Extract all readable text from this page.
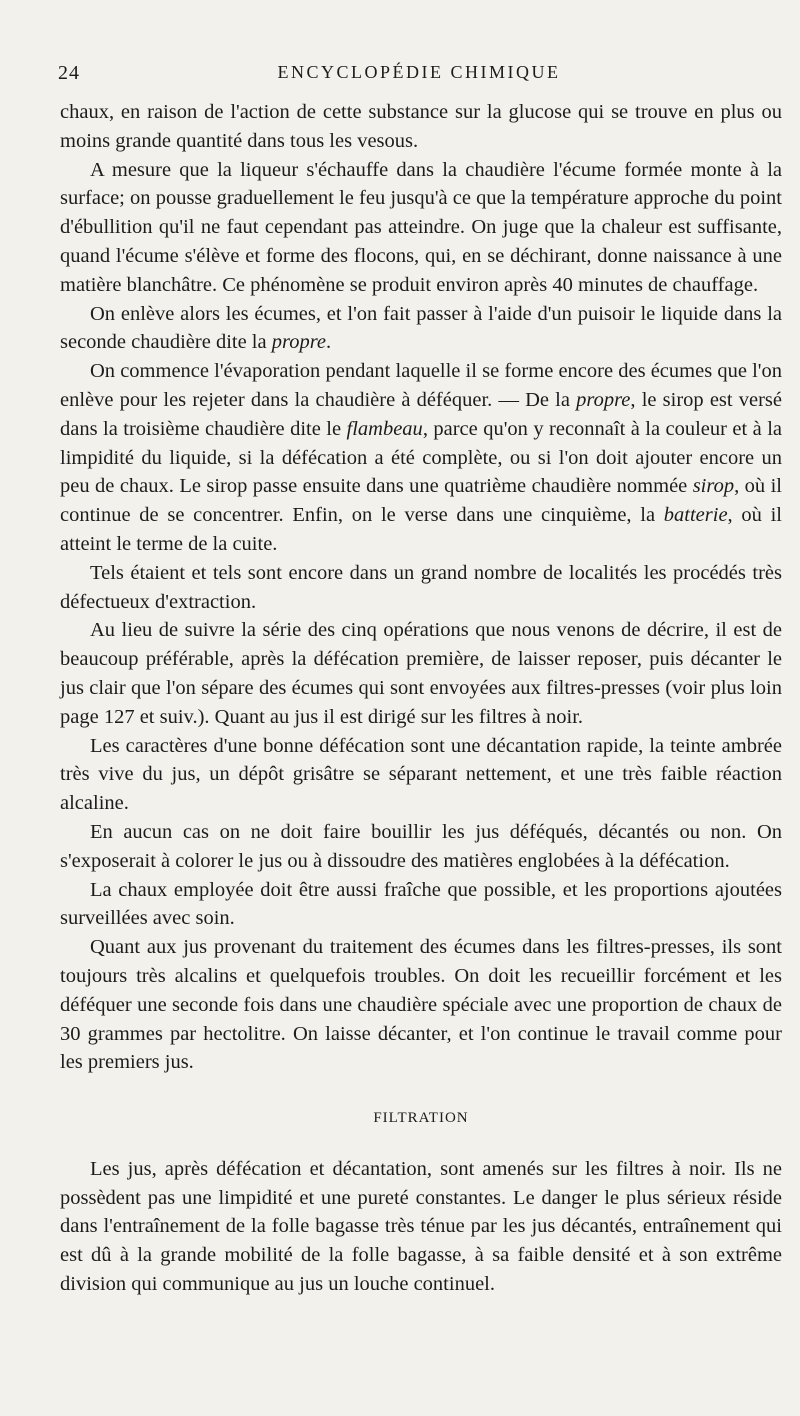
24	ENCYCLOPÉDIE CHIMIQUE

chaux, en raison de l'action de cette substance sur la glucose qui se trouve en plus ou moins grande quantité dans tous les vesous.

A mesure que la liqueur s'échauffe dans la chaudière l'écume formée monte à la surface; on pousse graduellement le feu jusqu'à ce que la température approche du point d'ébullition qu'il ne faut cependant pas atteindre. On juge que la chaleur est suffisante, quand l'écume s'élève et forme des flocons, qui, en se déchirant, donne naissance à une matière blanchâtre. Ce phénomène se produit environ après 40 minutes de chauffage.

On enlève alors les écumes, et l'on fait passer à l'aide d'un puisoir le liquide dans la seconde chaudière dite la propre.

On commence l'évaporation pendant laquelle il se forme encore des écumes que l'on enlève pour les rejeter dans la chaudière à déféquer. — De la propre, le sirop est versé dans la troisième chaudière dite le flambeau, parce qu'on y reconnaît à la couleur et à la limpidité du liquide, si la défécation a été complète, ou si l'on doit ajouter encore un peu de chaux. Le sirop passe ensuite dans une quatrième chaudière nommée sirop, où il continue de se concentrer. Enfin, on le verse dans une cinquième, la batterie, où il atteint le terme de la cuite.

Tels étaient et tels sont encore dans un grand nombre de localités les procédés très défectueux d'extraction.

Au lieu de suivre la série des cinq opérations que nous venons de décrire, il est de beaucoup préférable, après la défécation première, de laisser reposer, puis décanter le jus clair que l'on sépare des écumes qui sont envoyées aux filtres-presses (voir plus loin page 127 et suiv.). Quant au jus il est dirigé sur les filtres à noir.

Les caractères d'une bonne défécation sont une décantation rapide, la teinte ambrée très vive du jus, un dépôt grisâtre se séparant nettement, et une très faible réaction alcaline.

En aucun cas on ne doit faire bouillir les jus déféqués, décantés ou non. On s'exposerait à colorer le jus ou à dissoudre des matières englobées à la défécation.

La chaux employée doit être aussi fraîche que possible, et les proportions ajoutées surveillées avec soin.

Quant aux jus provenant du traitement des écumes dans les filtres-presses, ils sont toujours très alcalins et quelquefois troubles. On doit les recueillir forcément et les déféquer une seconde fois dans une chaudière spéciale avec une proportion de chaux de 30 grammes par hectolitre. On laisse décanter, et l'on continue le travail comme pour les premiers jus.

FILTRATION

Les jus, après défécation et décantation, sont amenés sur les filtres à noir. Ils ne possèdent pas une limpidité et une pureté constantes. Le danger le plus sérieux réside dans l'entraînement de la folle bagasse très ténue par les jus décantés, entraînement qui est dû à la grande mobilité de la folle bagasse, à sa faible densité et à son extrême division qui communique au jus un louche continuel.
